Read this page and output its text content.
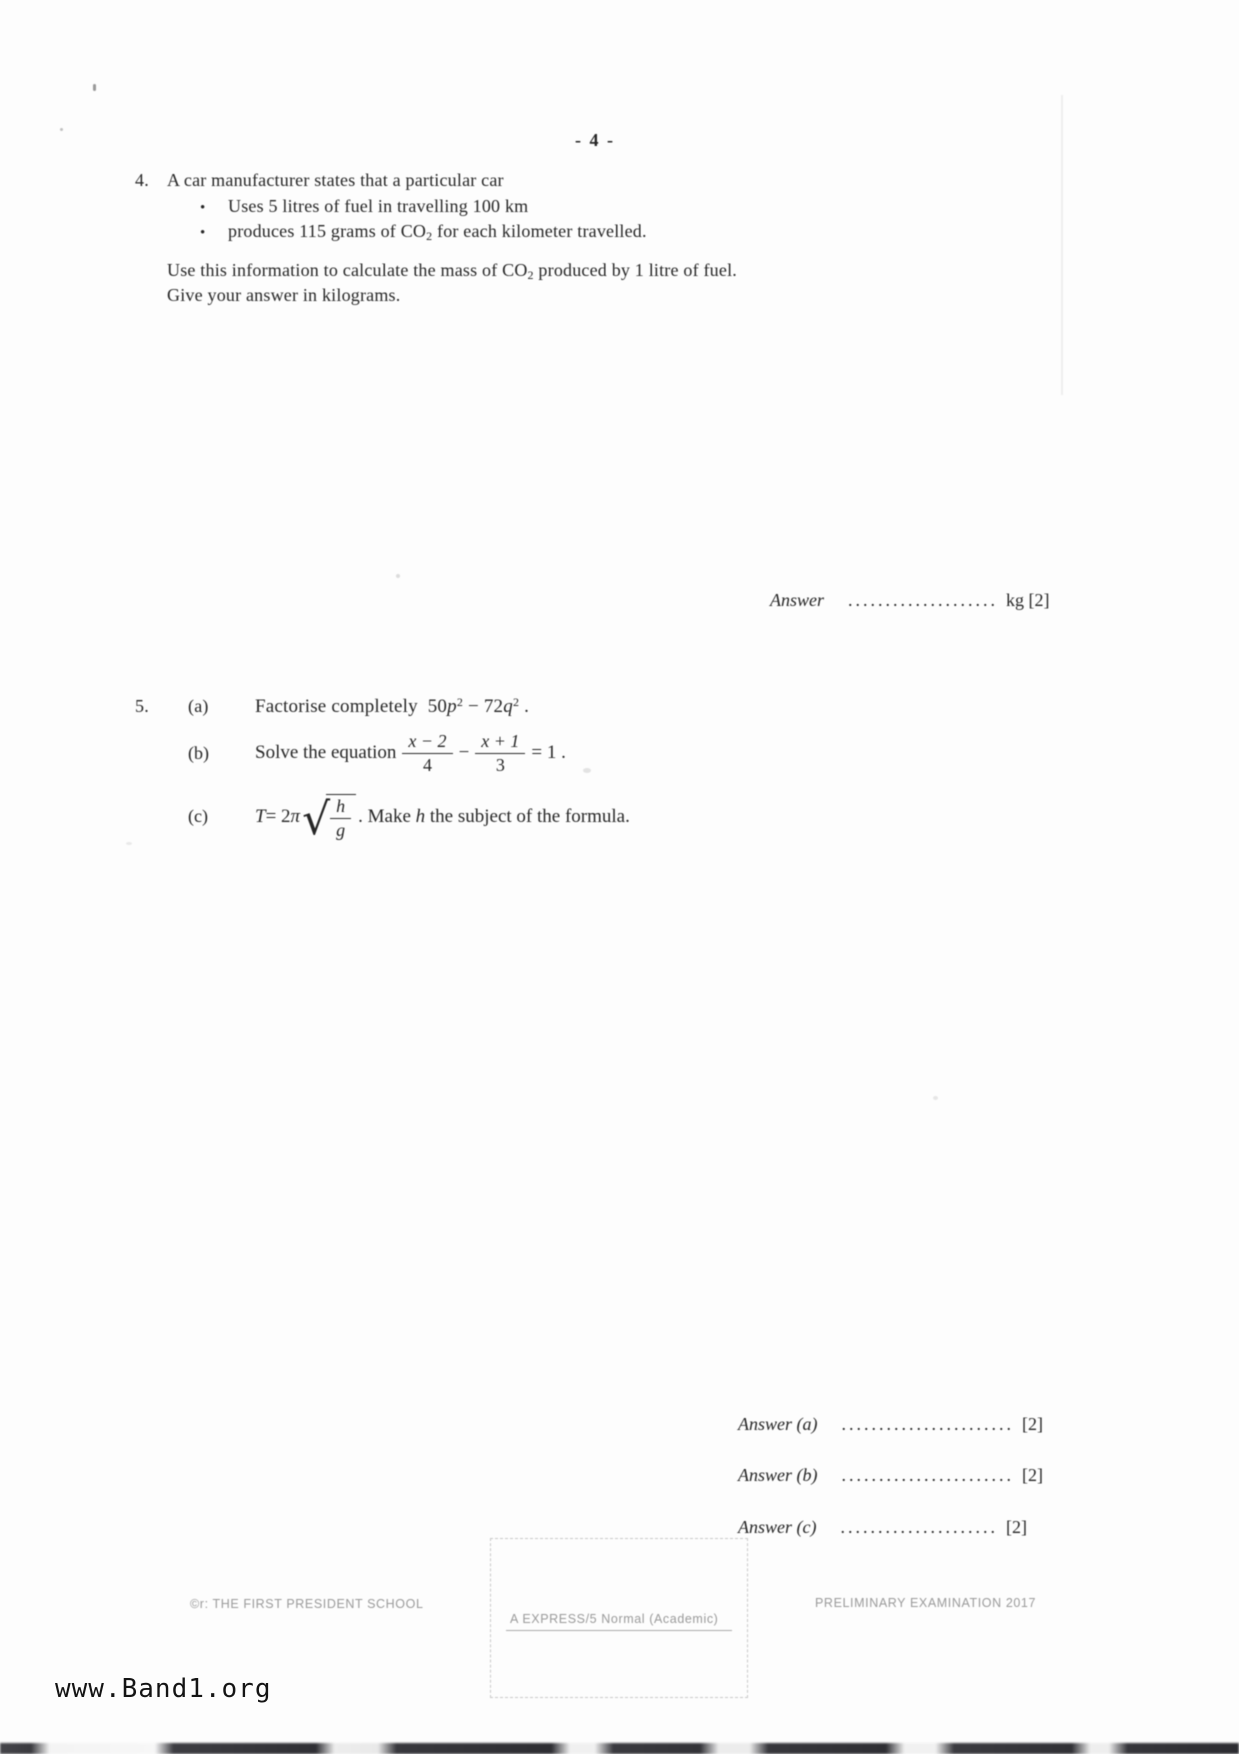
- 4 -
4.	A car manufacturer states that a particular car
•	Uses 5 litres of fuel in travelling 100 km
•	produces 115 grams of $CO_2$ for each kilometer travelled.
Use this information to calculate the mass of $CO_2$ produced by 1 litre of fuel.
Give your answer in kilograms.
Answer .................... kg [2]
5.	(a)	Factorise completely $50p^2 - 72q^2$ .
(b)	Solve the equation $\frac{x - 2}{4} - \frac{x + 1}{3} = 1$ .
(c)	T = 2 π √ $\frac{h}{g}$ . Make h the subject of the formula.
Answer (a) ....................... [2]
Answer (b) ....................... [2]
Answer (c) ..................... [2]
©r: THE FIRST PRESIDENT SCHOOL
A EXPRESS/5 Normal (Academic)
PRELIMINARY EXAMINATION 2017
www.Band1.org
